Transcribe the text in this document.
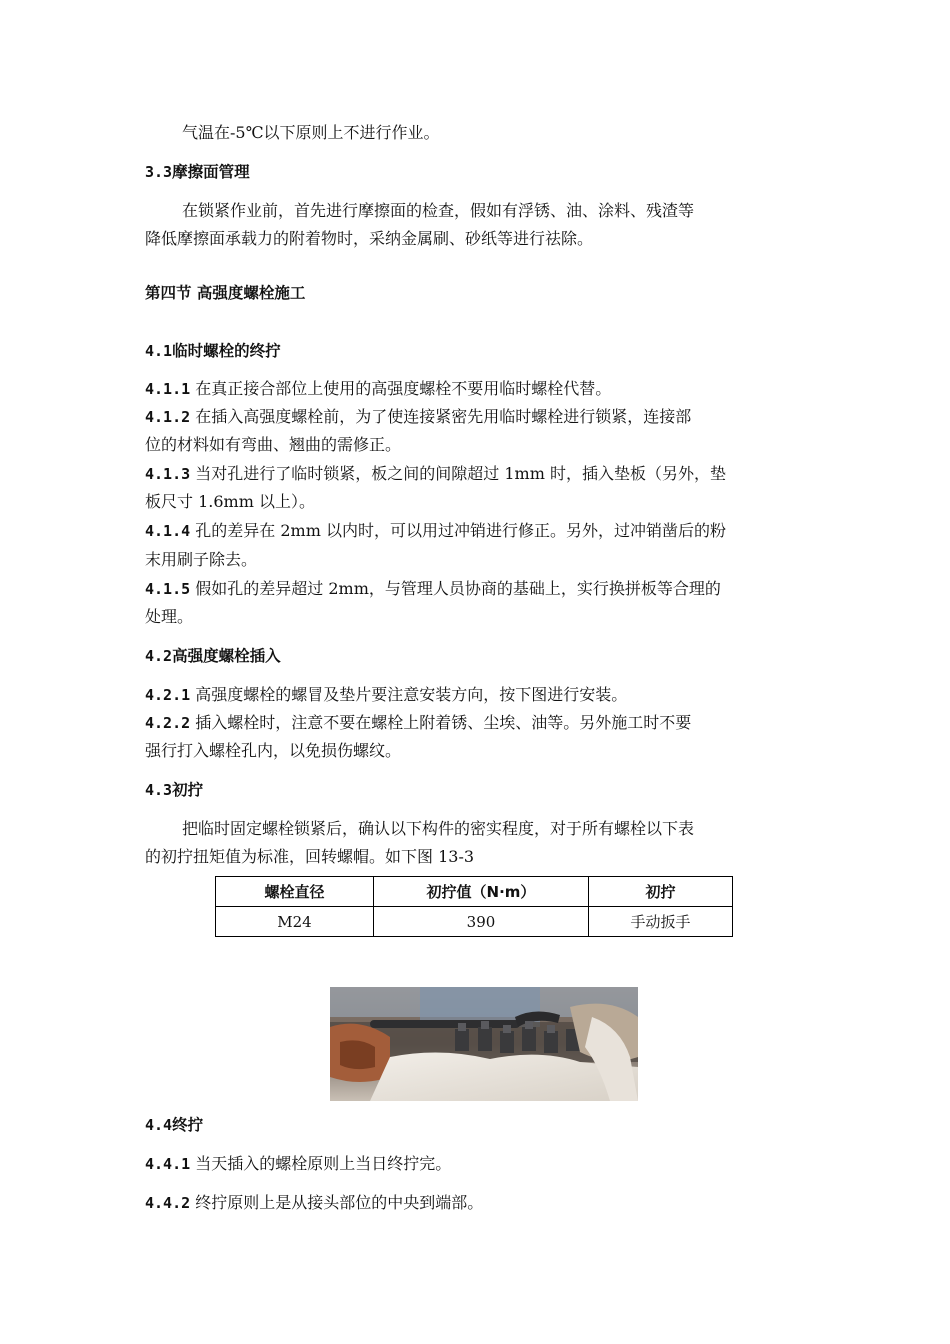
气温在-5℃以下原则上不进行作业。
3.3摩擦面管理
在锁紧作业前，首先进行摩擦面的检查，假如有浮锈、油、涂料、残渣等
降低摩擦面承载力的附着物时，采纳金属刷、砂纸等进行祛除。
第四节 高强度螺栓施工
4.1临时螺栓的终拧
4.1.1 在真正接合部位上使用的高强度螺栓不要用临时螺栓代替。
4.1.2 在插入高强度螺栓前，为了使连接紧密先用临时螺栓进行锁紧，连接部
位的材料如有弯曲、翘曲的需修正。
4.1.3 当对孔进行了临时锁紧，板之间的间隙超过 1mm 时，插入垫板（另外，垫
板尺寸 1.6mm 以上）。
4.1.4 孔的差异在 2mm 以内时，可以用过冲销进行修正。另外，过冲销凿后的粉
末用刷子除去。
4.1.5 假如孔的差异超过 2mm，与管理人员协商的基础上，实行换拼板等合理的
处理。
4.2高强度螺栓插入
4.2.1 高强度螺栓的螺冒及垫片要注意安装方向，按下图进行安装。
4.2.2 插入螺栓时，注意不要在螺栓上附着锈、尘埃、油等。另外施工时不要
强行打入螺栓孔内，以免损伤螺纹。
4.3初拧
把临时固定螺栓锁紧后，确认以下构件的密实程度，对于所有螺栓以下表
的初拧扭矩值为标准，回转螺帽。如下图 13-3
螺栓直径	初拧值（N·m）	初拧
M24	390	手动扳手
4.4终拧
4.4.1 当天插入的螺栓原则上当日终拧完。
4.4.2 终拧原则上是从接头部位的中央到端部。
